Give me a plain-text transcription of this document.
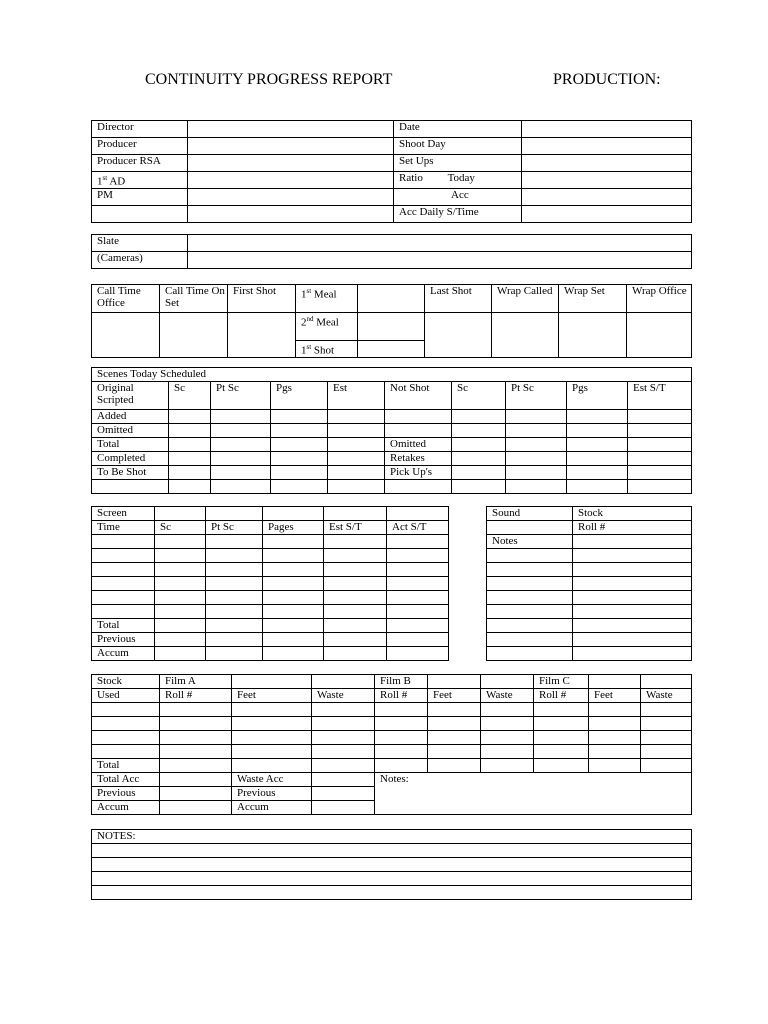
CONTINUITY PROGRESS REPORT	PRODUCTION:
Director		Date	
Producer		Shoot Day	
Producer RSA		Set Ups	
1st AD		Ratio         Today	
PM		Acc	
		Acc Daily S/Time	
Slate	
(Cameras)	
Call Time Office	Call Time On Set	First Shot	1st Meal		Last Shot	Wrap Called	Wrap Set	Wrap Office
			2nd Meal					
			1st Shot					
Scenes Today Scheduled									
Original Scripted	Sc	Pt Sc	Pgs	Est	Not Shot	Sc	Pt Sc	Pgs	Est S/T
Added									
Omitted									
Total					Omitted				
Completed					Retakes				
To Be Shot					Pick Up's				

Screen					
Time	Sc	Pt Sc	Pages	Est S/T	Act S/T

Total					
Previous					
Accum					
Sound	Stock
	Roll #
Notes	

Stock	Film A			Film B			Film C		
Used	Roll #	Feet	Waste	Roll #	Feet	Waste	Roll #	Feet	Waste

Total									
Total Acc		Waste Acc		Notes:					
Previous		Previous							
Accum		Accum							
NOTES:
